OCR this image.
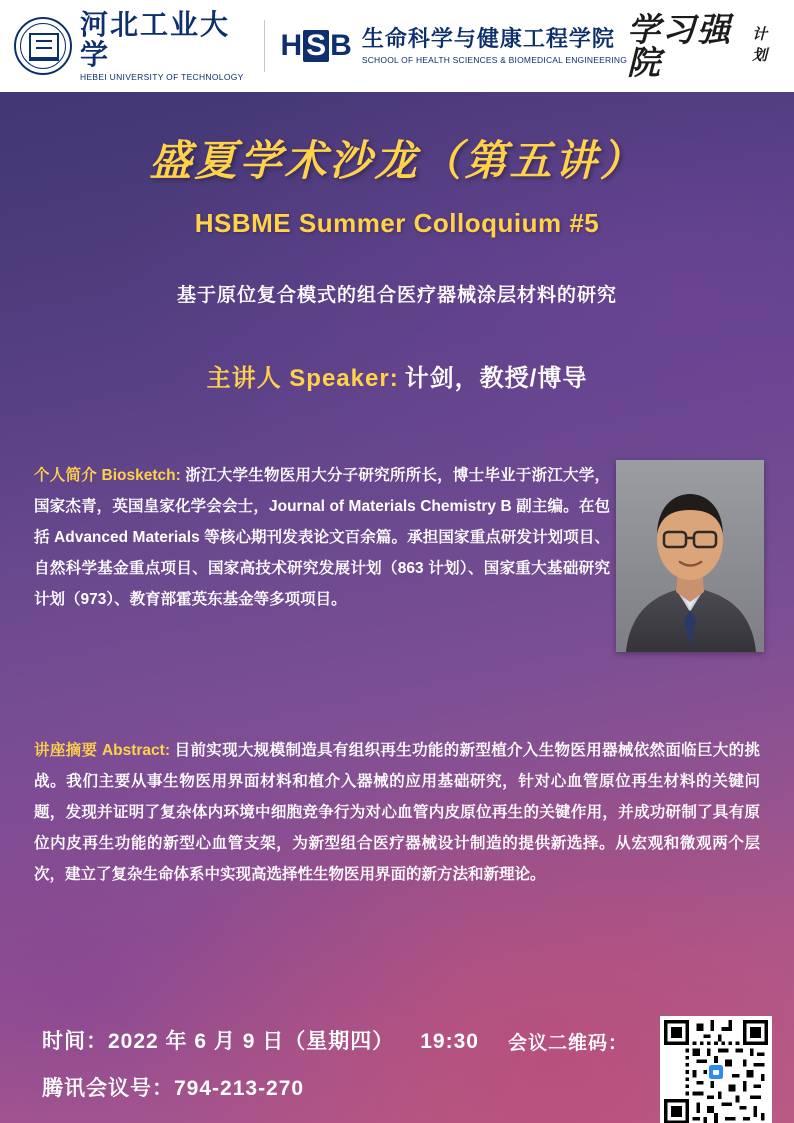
河北工业大学
HEBEI UNIVERSITY OF TECHNOLOGY
H S B 生命科学与健康工程学院
SCHOOL OF HEALTH SCIENCES & BIOMEDICAL ENGINEERING
学习强院
计划
盛夏学术沙龙（第五讲）
HSBME Summer Colloquium #5
基于原位复合模式的组合医疗器械涂层材料的研究
主讲人 Speaker: 计剑，教授/博导
个人简介 Biosketch: 浙江大学生物医用大分子研究所所长，博士毕业于浙江大学，国家杰青，英国皇家化学会会士，Journal of Materials Chemistry B 副主编。在包括 Advanced Materials 等核心期刊发表论文百余篇。承担国家重点研发计划项目、自然科学基金重点项目、国家高技术研究发展计划（863 计划）、国家重大基础研究计划（973）、教育部霍英东基金等多项项目。
讲座摘要 Abstract: 目前实现大规模制造具有组织再生功能的新型植介入生物医用器械依然面临巨大的挑战。我们主要从事生物医用界面材料和植介入器械的应用基础研究，针对心血管原位再生材料的关键问题，发现并证明了复杂体内环境中细胞竞争行为对心血管内皮原位再生的关键作用，并成功研制了具有原位内皮再生功能的新型心血管支架，为新型组合医疗器械设计制造的提供新选择。从宏观和微观两个层次，建立了复杂生命体系中实现高选择性生物医用界面的新方法和新理论。
时间：2022 年 6 月 9 日（星期四） 19:30
腾讯会议号：794-213-270
会议二维码：
